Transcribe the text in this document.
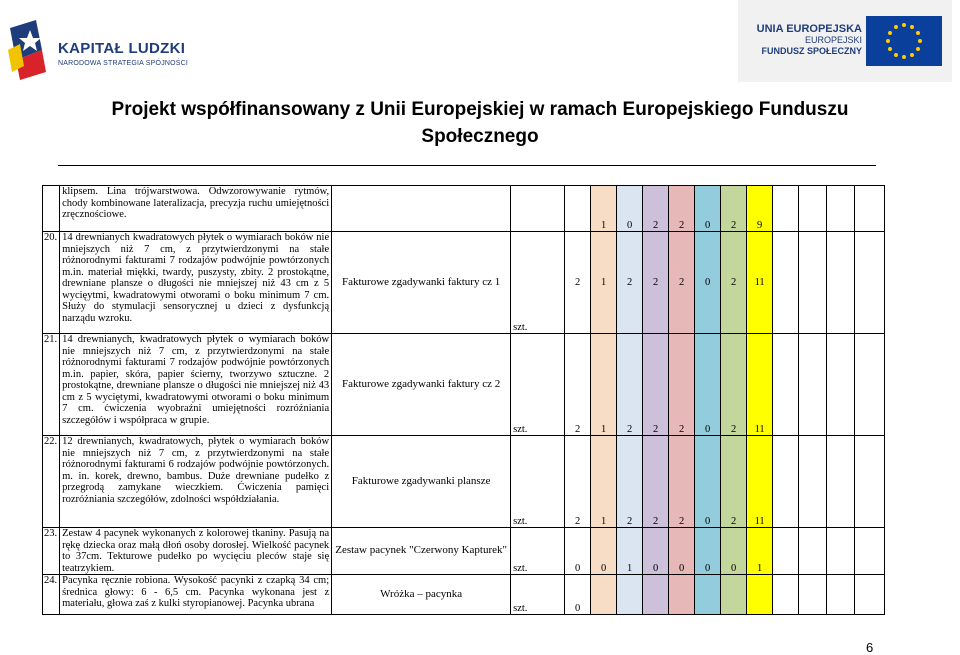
KAPITAŁ LUDZKI
NARODOWA STRATEGIA SPÓJNOŚCI
UNIA EUROPEJSKA
EUROPEJSKI
FUNDUSZ SPOŁECZNY
Projekt współfinansowany z Unii Europejskiej w ramach Europejskiego Funduszu Społecznego
	klipsem. Lina trójwarstwowa. Odwzorowywanie rytmów, chody kombinowane lateralizacja, precyzja ruchu umiejętności zręcznościowe.				1	0	2	2	0	2	9				
20.	14 drewnianych kwadratowych płytek o wymiarach boków nie mniejszych niż 7 cm, z przytwierdzonymi na stałe różnorodnymi fakturami 7 rodzajów podwójnie powtórzonych m.in. materiał miękki, twardy, puszysty, zbity. 2 prostokątne, drewniane plansze o długości nie mniejszej niż 43 cm z 5 wycięytmi, kwadratowymi otworami o boku minimum 7 cm. Służy do stymulacji sensorycznej u dzieci z dysfunkcją narządu wzroku.	Fakturowe zgadywanki faktury cz 1	szt.	2	1	2	2	2	0	2	11				
21.	14 drewnianych, kwadratowych płytek o wymiarach boków nie mniejszych niż 7 cm, z przytwierdzonymi na stałe różnorodnymi fakturami 7 rodzajów podwójnie powtórzonych m.in. papier, skóra, papier ścierny, tworzywo sztuczne. 2 prostokątne, drewniane plansze o długości nie mniejszej niż 43 cm z 5 wyciętymi, kwadratowymi otworami o boku minimum 7 cm. ćwiczenia wyobraźni umiejętności rozróżniania szczegółów i współpraca w grupie.	Fakturowe zgadywanki faktury cz 2	szt.	2	1	2	2	2	0	2	11				
22.	12 drewnianych, kwadratowych, płytek o wymiarach boków nie mniejszych niż 7 cm, z przytwierdzonymi na stałe różnorodnymi fakturami 6 rodzajów podwójnie powtórzonych. m. in. korek, drewno, bambus. Duże drewniane pudełko z przegrodą zamykane wieczkiem. Ćwiczenia pamięci rozróżniania szczegółów, zdolności współdziałania.	Fakturowe zgadywanki plansze	szt.	2	1	2	2	2	0	2	11				
23.	Zestaw 4 pacynek wykonanych z kolorowej tkaniny. Pasują na rękę dziecka oraz małą dłoń osoby dorosłej. Wielkość pacynek to 37cm. Tekturowe pudełko po wycięciu pleców staje się teatrzykiem.	Zestaw pacynek "Czerwony Kapturek"	szt.	0	0	1	0	0	0	0	1				
24.	Pacynka ręcznie robiona. Wysokość pacynki z czapką 34 cm; średnica głowy: 6 - 6,5 cm. Pacynka wykonana jest z materiału, głowa zaś z kulki styropianowej. Pacynka ubrana	Wróżka – pacynka	szt.	0											
6
